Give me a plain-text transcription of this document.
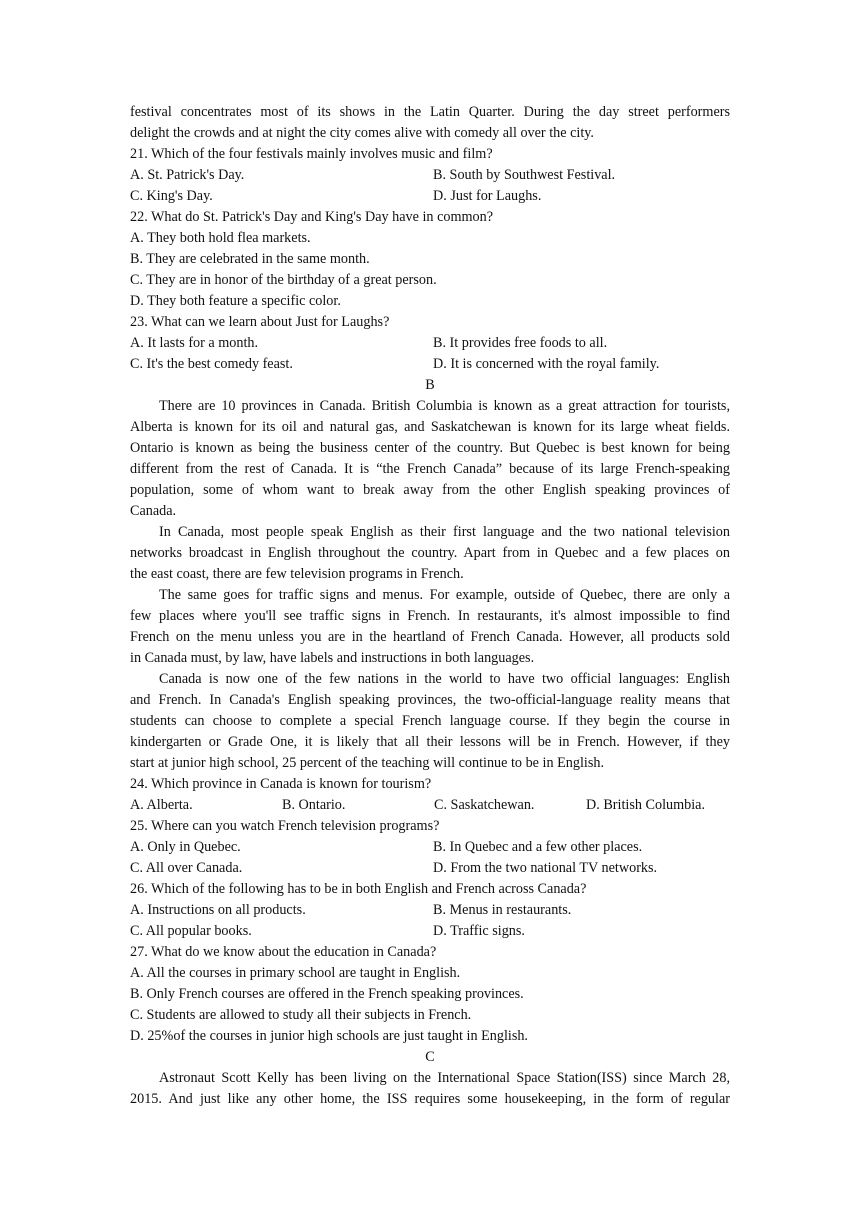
festival concentrates most of its shows in the Latin Quarter. During the day street performers
delight the crowds and at night the city comes alive with comedy all over the city.
21. Which of the four festivals mainly involves music and film?
A. St. Patrick's Day.	B. South by Southwest Festival.
C. King's Day.	D. Just for Laughs.
22. What do St. Patrick's Day and King's Day have in common?
A. They both hold flea markets.
B. They are celebrated in the same month.
C. They are in honor of the birthday of a great person.
D. They both feature a specific color.
23. What can we learn about Just for Laughs?
A. It lasts for a month.	B. It provides free foods to all.
C. It's the best comedy feast.	D. It is concerned with the royal family.
B
There are 10 provinces in Canada. British Columbia is known as a great attraction for tourists,
Alberta is known for its oil and natural gas, and Saskatchewan is known for its large wheat fields.
Ontario is known as being the business center of the country. But Quebec is best known for being
different from the rest of Canada. It is “the French Canada” because of its large French-speaking
population, some of whom want to break away from the other English speaking provinces of
Canada.
In Canada, most people speak English as their first language and the two national television
networks broadcast in English throughout the country. Apart from in Quebec and a few places on
the east coast, there are few television programs in French.
The same goes for traffic signs and menus. For example, outside of Quebec, there are only a
few places where you'll see traffic signs in French. In restaurants, it's almost impossible to find
French on the menu unless you are in the heartland of French Canada. However, all products sold
in Canada must, by law, have labels and instructions in both languages.
Canada is now one of the few nations in the world to have two official languages: English
and French. In Canada's English speaking provinces, the two-official-language reality means that
students can choose to complete a special French language course. If they begin the course in
kindergarten or Grade One, it is likely that all their lessons will be in French. However, if they
start at junior high school, 25 percent of the teaching will continue to be in English.
24. Which province in Canada is known for tourism?
A. Alberta.	B. Ontario.	C. Saskatchewan.	D. British Columbia.
25. Where can you watch French television programs?
A. Only in Quebec.	B. In Quebec and a few other places.
C. All over Canada.	D. From the two national TV networks.
26. Which of the following has to be in both English and French across Canada?
A. Instructions on all products.	B. Menus in restaurants.
C. All popular books.	D. Traffic signs.
27. What do we know about the education in Canada?
A. All the courses in primary school are taught in English.
B. Only French courses are offered in the French speaking provinces.
C. Students are allowed to study all their subjects in French.
D. 25%of the courses in junior high schools are just taught in English.
C
Astronaut Scott Kelly has been living on the International Space Station(ISS) since March 28,
2015. And just like any other home, the ISS requires some housekeeping, in the form of regular
